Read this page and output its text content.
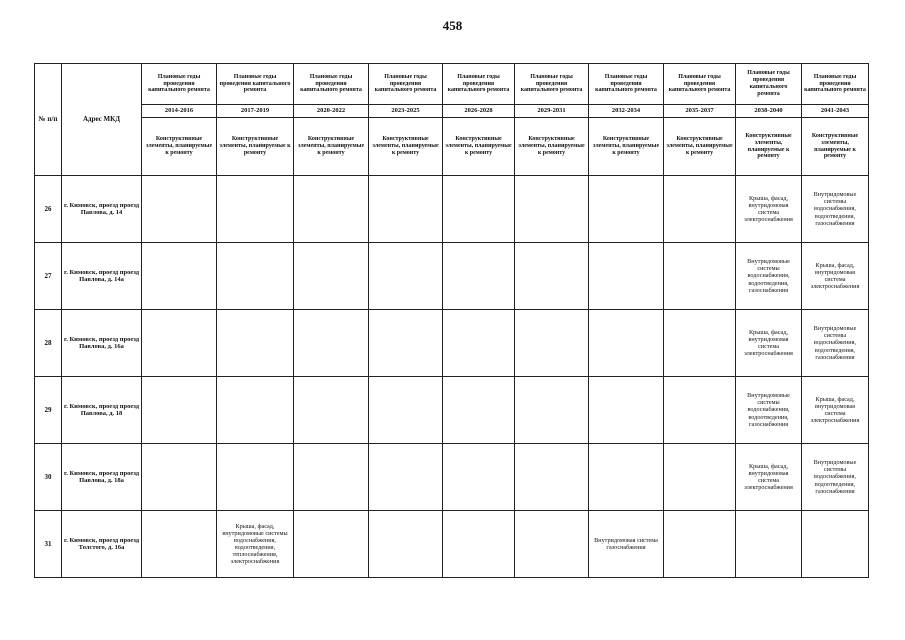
458
№ п/п	Адрес МКД	Плановые годы проведения капитального ремонта	Плановые годы проведения капитального ремонта	Плановые годы проведения капитального ремонта	Плановые годы проведения капитального ремонта	Плановые годы проведения капитального ремонта	Плановые годы проведения капитального ремонта	Плановые годы проведения капитального ремонта	Плановые годы проведения капитального ремонта	Плановые годы проведения капитального ремонта	Плановые годы проведения капитального ремонта
		2014-2016	2017-2019	2020-2022	2023-2025	2026-2028	2029-2031	2032-2034	2035-2037	2038-2040	2041-2043
		Конструктивные элементы, планируемые к ремонту	Конструктивные элементы, планируемые к ремонту	Конструктивные элементы, планируемые к ремонту	Конструктивные элементы, планируемые к ремонту	Конструктивные элементы, планируемые к ремонту	Конструктивные элементы, планируемые к ремонту	Конструктивные элементы, планируемые к ремонту	Конструктивные элементы, планируемые к ремонту	Конструктивные элементы, планируемые к ремонту	Конструктивные элементы, планируемые к ремонту
26	г. Кимовск, проезд проезд Павлова, д. 14									Крыша, фасад, внутридомовая система электроснабжения	Внутридомовые системы водоснабжения, водоотведения, газоснабжения
27	г. Кимовск, проезд проезд Павлова, д. 14а									Внутридомовые системы водоснабжения, водоотведения, газоснабжения	Крыша, фасад, внутридомовая система электроснабжения
28	г. Кимовск, проезд проезд Павлова, д. 16а									Крыша, фасад, внутридомовая система электроснабжения	Внутридомовые системы водоснабжения, водоотведения, газоснабжения
29	г. Кимовск, проезд проезд Павлова, д. 18									Внутридомовые системы водоснабжения, водоотведения, газоснабжения	Крыша, фасад, внутридомовая система электроснабжения
30	г. Кимовск, проезд проезд Павлова, д. 18а									Крыша, фасад, внутридомовая система электроснабжения	Внутридомовые системы водоснабжения, водоотведения, газоснабжения
31	г. Кимовск, проезд проезд Толстого, д. 16а		Крыша, фасад, внутридомовые системы водоснабжения, водоотведения, теплоснабжения, электроснабжения					Внутридомовая система газоснабжения			
